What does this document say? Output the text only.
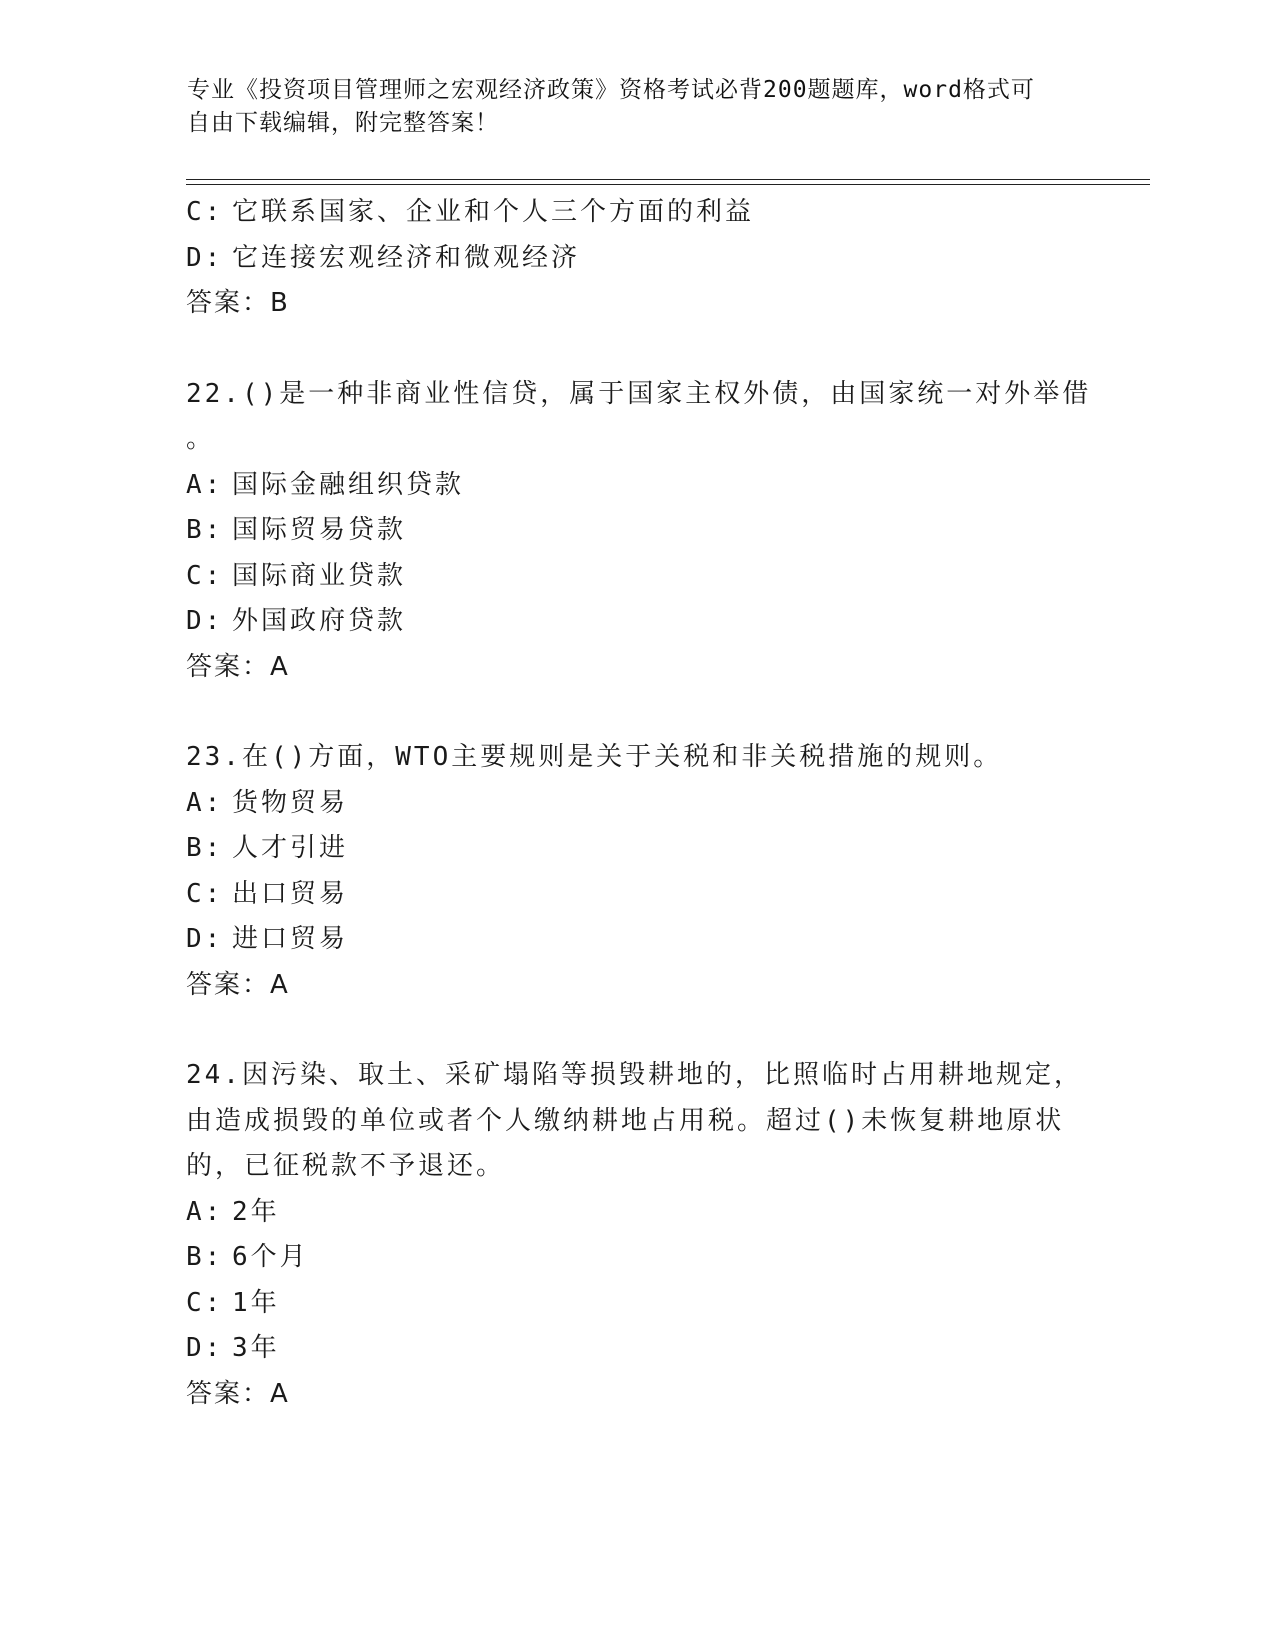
专业《投资项目管理师之宏观经济政策》资格考试必背200题题库，word格式可
自由下载编辑，附完整答案！
C: 它联系国家、企业和个人三个方面的利益
D: 它连接宏观经济和微观经济
答案：B
22.()是一种非商业性信贷，属于国家主权外债，由国家统一对外举借
。
A: 国际金融组织贷款
B: 国际贸易贷款
C: 国际商业贷款
D: 外国政府贷款
答案：A
23.在()方面，WTO主要规则是关于关税和非关税措施的规则。
A: 货物贸易
B: 人才引进
C: 出口贸易
D: 进口贸易
答案：A
24.因污染、取土、采矿塌陷等损毁耕地的，比照临时占用耕地规定，
由造成损毁的单位或者个人缴纳耕地占用税。超过()未恢复耕地原状
的，已征税款不予退还。
A: 2年
B: 6个月
C: 1年
D: 3年
答案：A
